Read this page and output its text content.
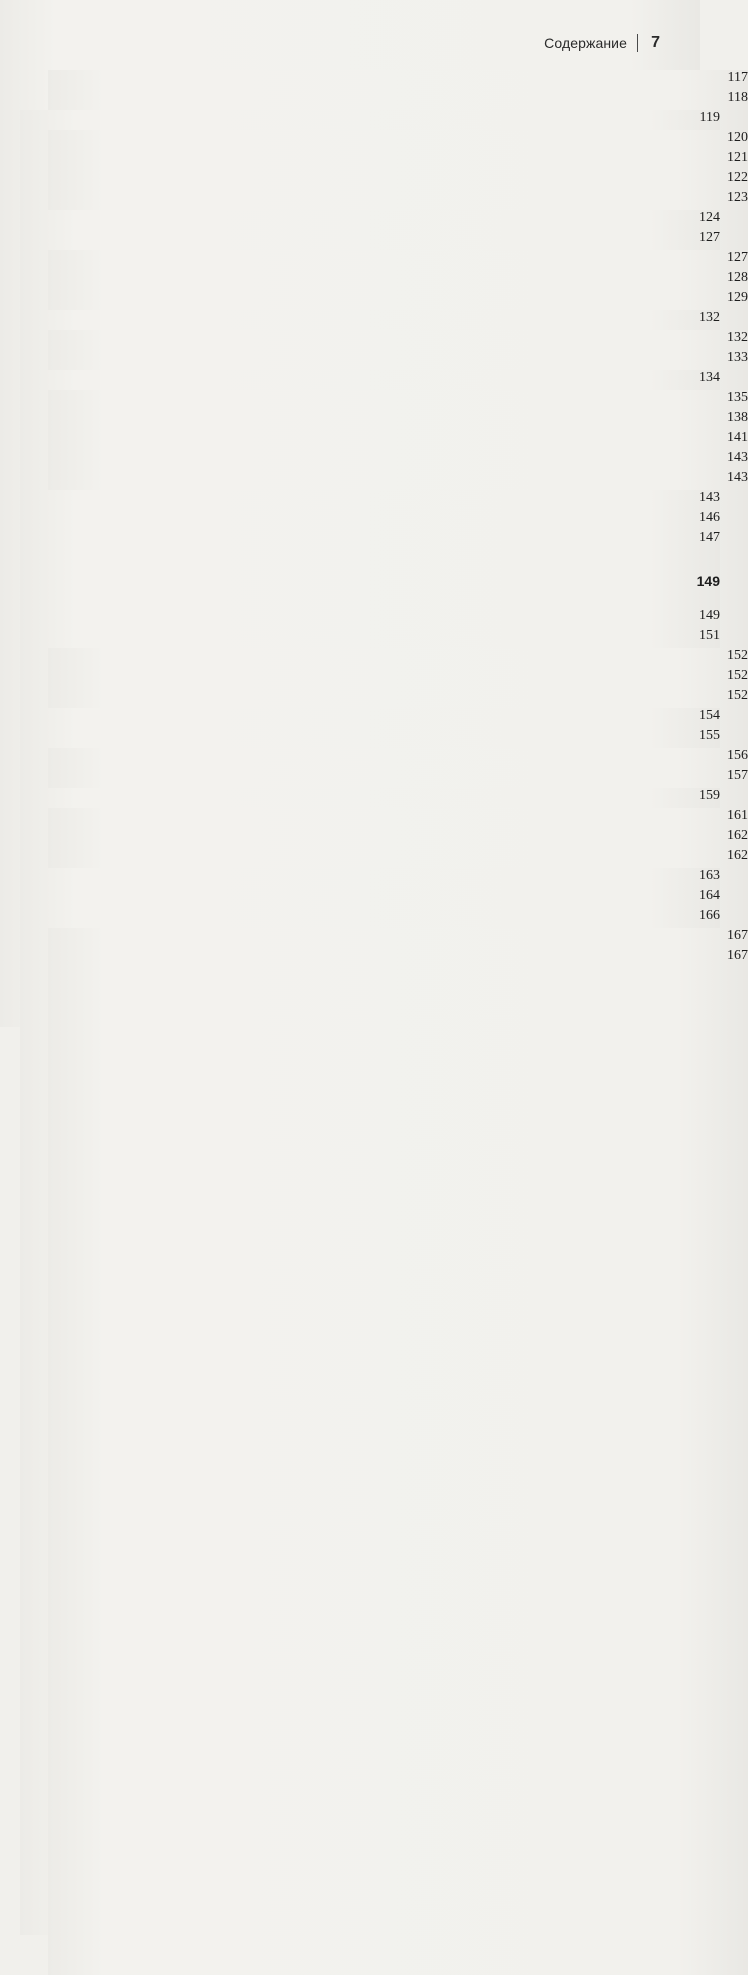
Содержание 7
117
118
119
120
121
122
123
124
127
127
128
129
132
132
133
134
135
138
141
143
143
143
146
147
149
149
151
152
152
152
154
155
156
157
159
161
162
162
163
164
166
167
167
